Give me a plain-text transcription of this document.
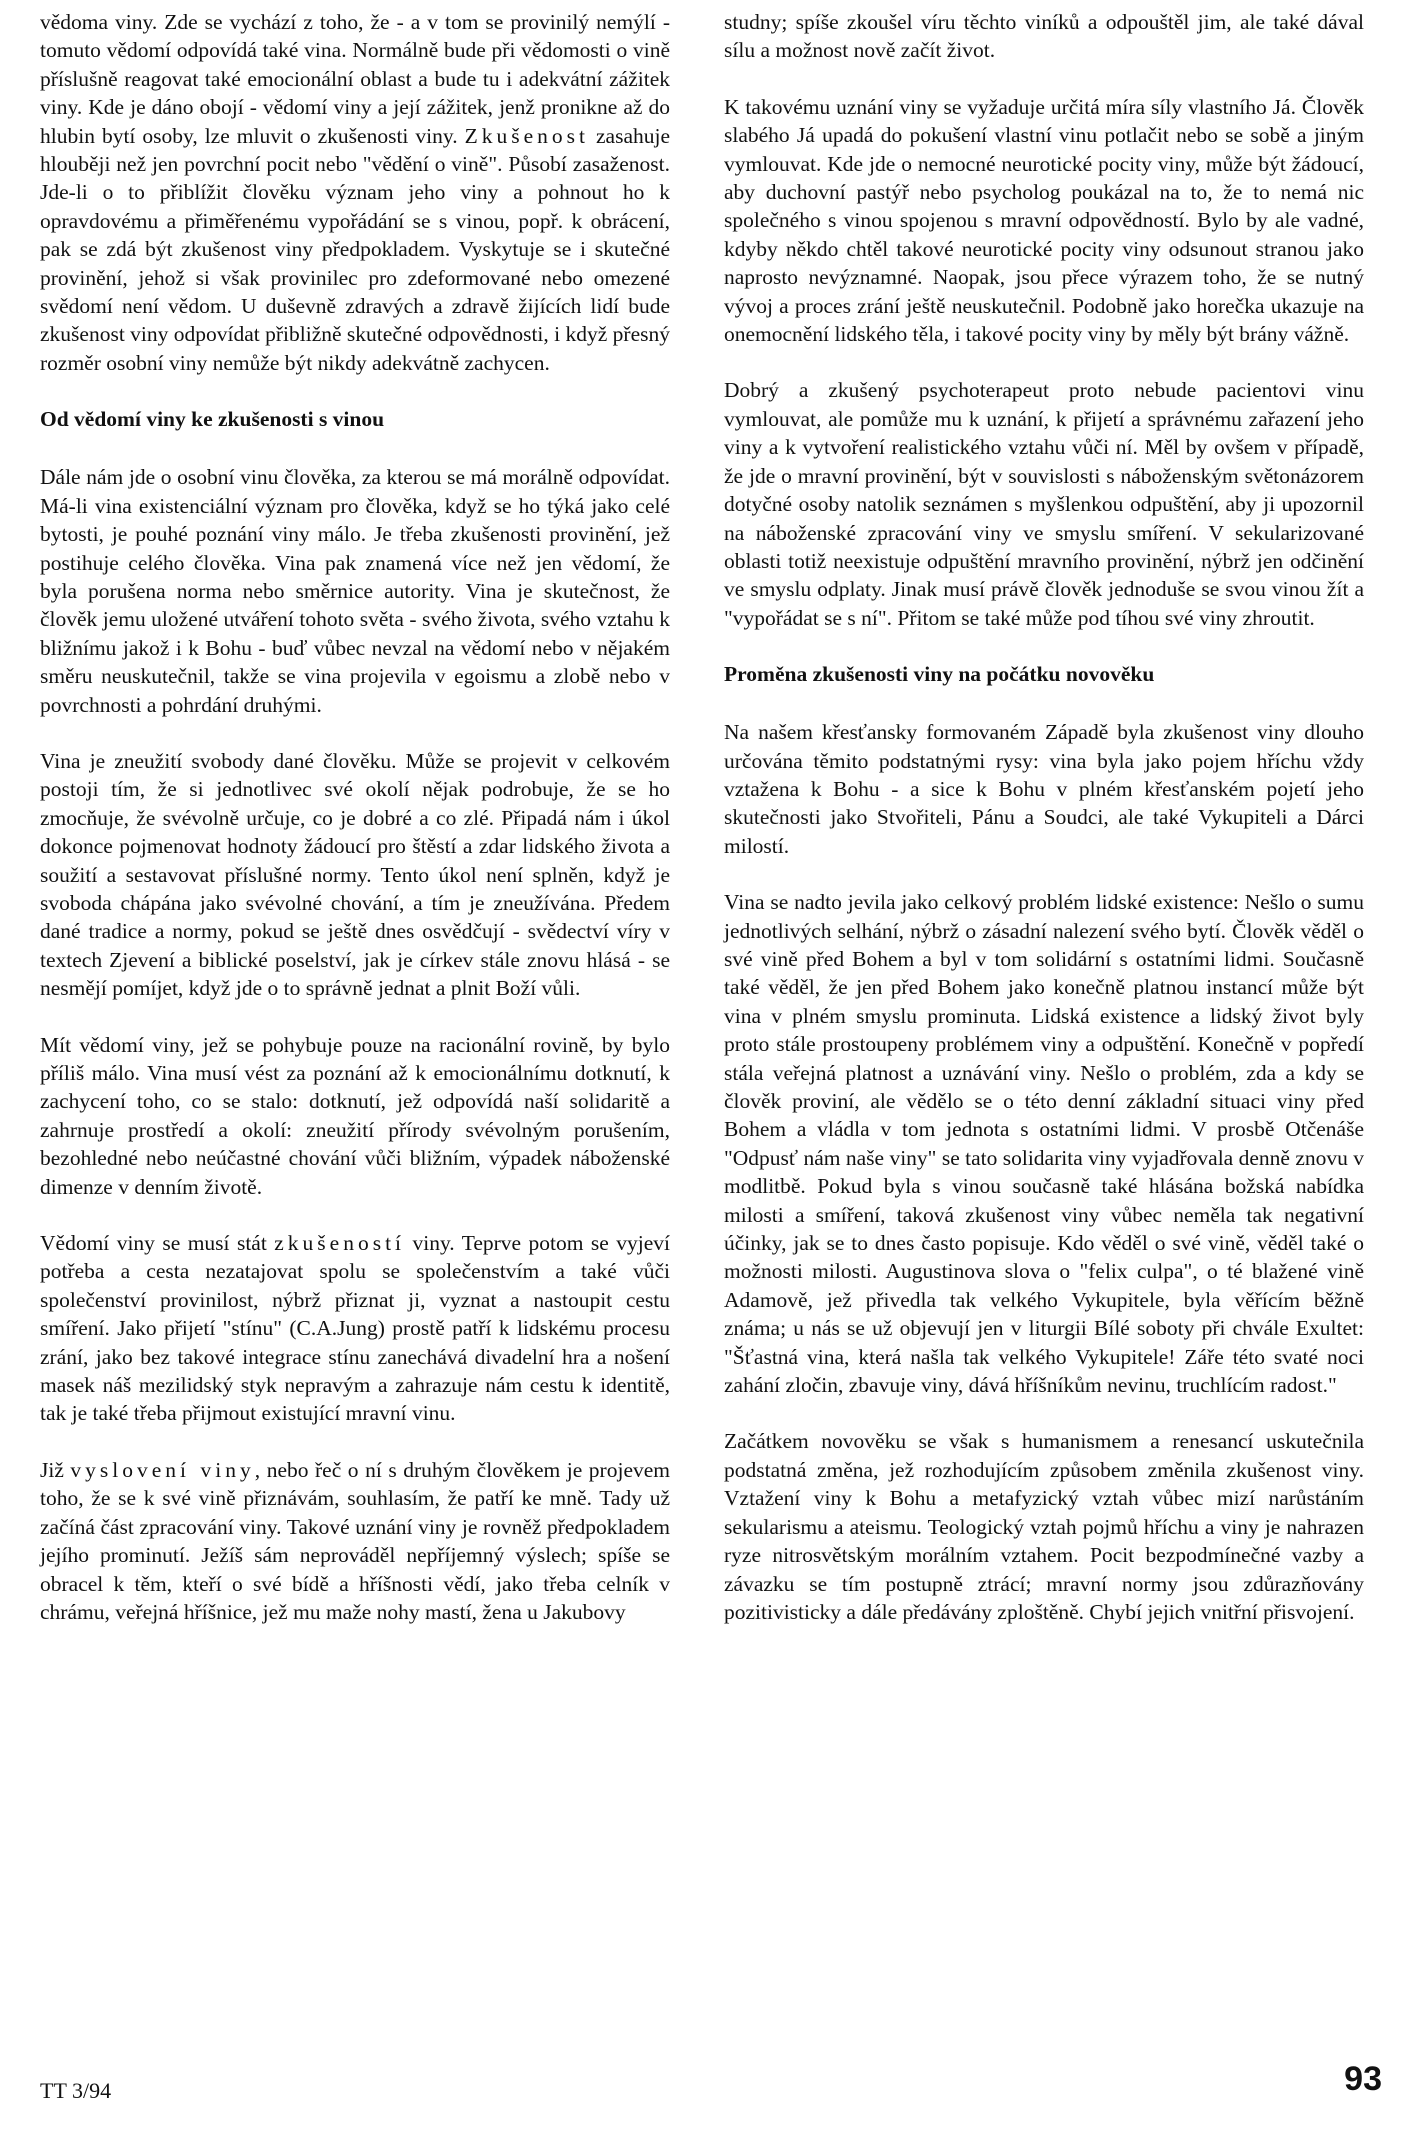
vědoma viny. Zde se vychází z toho, že - a v tom se provinilý nemýlí - tomuto vědomí odpovídá také vina. Normálně bude při vědomosti o vině příslušně reagovat také emocionální oblast a bude tu i adekvátní zážitek viny. Kde je dáno obojí - vědomí viny a její zážitek, jenž pronikne až do hlubin bytí osoby, lze mluvit o zkušenosti viny. Zkušenost zasahuje hlouběji než jen povrchní pocit nebo "vědění o vině". Působí zasaženost. Jde-li o to přiblížit člověku význam jeho viny a pohnout ho k opravdovému a přiměřenému vypořádání se s vinou, popř. k obrácení, pak se zdá být zkušenost viny předpokladem. Vyskytuje se i skutečné provinění, jehož si však provinilec pro zdeformované nebo omezené svědomí není vědom. U duševně zdravých a zdravě žijících lidí bude zkušenost viny odpovídat přibližně skutečné odpovědnosti, i když přesný rozměr osobní viny nemůže být nikdy adekvátně zachycen.

Od vědomí viny ke zkušenosti s vinou

Dále nám jde o osobní vinu člověka, za kterou se má morálně odpovídat. Má-li vina existenciální význam pro člověka, když se ho týká jako celé bytosti, je pouhé poznání viny málo. Je třeba zkušenosti provinění, jež postihuje celého člověka. Vina pak znamená více než jen vědomí, že byla porušena norma nebo směrnice autority. Vina je skutečnost, že člověk jemu uložené utváření tohoto světa - svého života, svého vztahu k bližnímu jakož i k Bohu - buď vůbec nevzal na vědomí nebo v nějakém směru neuskutečnil, takže se vina projevila v egoismu a zlobě nebo v povrchnosti a pohrdání druhými.

Vina je zneužití svobody dané člověku. Může se projevit v celkovém postoji tím, že si jednotlivec své okolí nějak podrobuje, že se ho zmocňuje, že svévolně určuje, co je dobré a co zlé. Připadá nám i úkol dokonce pojmenovat hodnoty žádoucí pro štěstí a zdar lidského života a soužití a sestavovat příslušné normy. Tento úkol není splněn, když je svoboda chápána jako svévolné chování, a tím je zneužívána. Předem dané tradice a normy, pokud se ještě dnes osvědčují - svědectví víry v textech Zjevení a biblické poselství, jak je církev stále znovu hlásá - se nesmějí pomíjet, když jde o to správně jednat a plnit Boží vůli.

Mít vědomí viny, jež se pohybuje pouze na racionální rovině, by bylo příliš málo. Vina musí vést za poznání až k emocionálnímu dotknutí, k zachycení toho, co se stalo: dotknutí, jež odpovídá naší solidaritě a zahrnuje prostředí a okolí: zneužití přírody svévolným porušením, bezohledné nebo neúčastné chování vůči bližním, výpadek náboženské dimenze v denním životě.

Vědomí viny se musí stát zkušeností viny. Teprve potom se vyjeví potřeba a cesta nezatajovat spolu se společenstvím a také vůči společenství provinilost, nýbrž přiznat ji, vyznat a nastoupit cestu smíření. Jako přijetí "stínu" (C.A.Jung) prostě patří k lidskému procesu zrání, jako bez takové integrace stínu zanechává divadelní hra a nošení masek náš mezilidský styk nepravým a zahrazuje nám cestu k identitě, tak je také třeba přijmout existující mravní vinu.

Již vyslovení viny, nebo řeč o ní s druhým člověkem je projevem toho, že se k své vině přiznávám, souhlasím, že patří ke mně. Tady už začíná část zpracování viny. Takové uznání viny je rovněž předpokladem jejího prominutí. Ježíš sám neprováděl nepříjemný výslech; spíše se obracel k těm, kteří o své bídě a hříšnosti vědí, jako třeba celník v chrámu, veřejná hříšnice, jež mu maže nohy mastí, žena u Jakubovy

studny; spíše zkoušel víru těchto viníků a odpouštěl jim, ale také dával sílu a možnost nově začít život.

K takovému uznání viny se vyžaduje určitá míra síly vlastního Já. Člověk slabého Já upadá do pokušení vlastní vinu potlačit nebo se sobě a jiným vymlouvat. Kde jde o nemocné neurotické pocity viny, může být žádoucí, aby duchovní pastýř nebo psycholog poukázal na to, že to nemá nic společného s vinou spojenou s mravní odpovědností. Bylo by ale vadné, kdyby někdo chtěl takové neurotické pocity viny odsunout stranou jako naprosto nevýznamné. Naopak, jsou přece výrazem toho, že se nutný vývoj a proces zrání ještě neuskutečnil. Podobně jako horečka ukazuje na onemocnění lidského těla, i takové pocity viny by měly být brány vážně.

Dobrý a zkušený psychoterapeut proto nebude pacientovi vinu vymlouvat, ale pomůže mu k uznání, k přijetí a správnému zařazení jeho viny a k vytvoření realistického vztahu vůči ní. Měl by ovšem v případě, že jde o mravní provinění, být v souvislosti s náboženským světonázorem dotyčné osoby natolik seznámen s myšlenkou odpuštění, aby ji upozornil na náboženské zpracování viny ve smyslu smíření. V sekularizované oblasti totiž neexistuje odpuštění mravního provinění, nýbrž jen odčinění ve smyslu odplaty. Jinak musí právě člověk jednoduše se svou vinou žít a "vypořádat se s ní". Přitom se také může pod tíhou své viny zhroutit.

Proměna zkušenosti viny na počátku novověku

Na našem křesťansky formovaném Západě byla zkušenost viny dlouho určována těmito podstatnými rysy: vina byla jako pojem hříchu vždy vztažena k Bohu - a sice k Bohu v plném křesťanském pojetí jeho skutečnosti jako Stvořiteli, Pánu a Soudci, ale také Vykupiteli a Dárci milostí.

Vina se nadto jevila jako celkový problém lidské existence: Nešlo o sumu jednotlivých selhání, nýbrž o zásadní nalezení svého bytí. Člověk věděl o své vině před Bohem a byl v tom solidární s ostatními lidmi. Současně také věděl, že jen před Bohem jako konečně platnou instancí může být vina v plném smyslu prominuta. Lidská existence a lidský život byly proto stále prostoupeny problémem viny a odpuštění. Konečně v popředí stála veřejná platnost a uznávání viny. Nešlo o problém, zda a kdy se člověk proviní, ale vědělo se o této denní základní situaci viny před Bohem a vládla v tom jednota s ostatními lidmi. V prosbě Otčenáše "Odpusť nám naše viny" se tato solidarita viny vyjadřovala denně znovu v modlitbě. Pokud byla s vinou současně také hlásána božská nabídka milosti a smíření, taková zkušenost viny vůbec neměla tak negativní účinky, jak se to dnes často popisuje. Kdo věděl o své vině, věděl také o možnosti milosti. Augustinova slova o "felix culpa", o té blažené vině Adamově, jež přivedla tak velkého Vykupitele, byla věřícím běžně známa; u nás se už objevují jen v liturgii Bílé soboty při chvále Exultet: "Šťastná vina, která našla tak velkého Vykupitele! Záře této svaté noci zahání zločin, zbavuje viny, dává hříšníkům nevinu, truchlícím radost."

Začátkem novověku se však s humanismem a renesancí uskutečnila podstatná změna, jež rozhodujícím způsobem změnila zkušenost viny. Vztažení viny k Bohu a metafyzický vztah vůbec mizí narůstáním sekularismu a ateismu. Teologický vztah pojmů hříchu a viny je nahrazen ryze nitrosvětským morálním vztahem. Pocit bezpodmínečné vazby a závazku se tím postupně ztrácí; mravní normy jsou zdůrazňovány pozitivisticky a dále předávány zploštěně. Chybí jejich vnitřní přisvojení.

TT 3/94	93
